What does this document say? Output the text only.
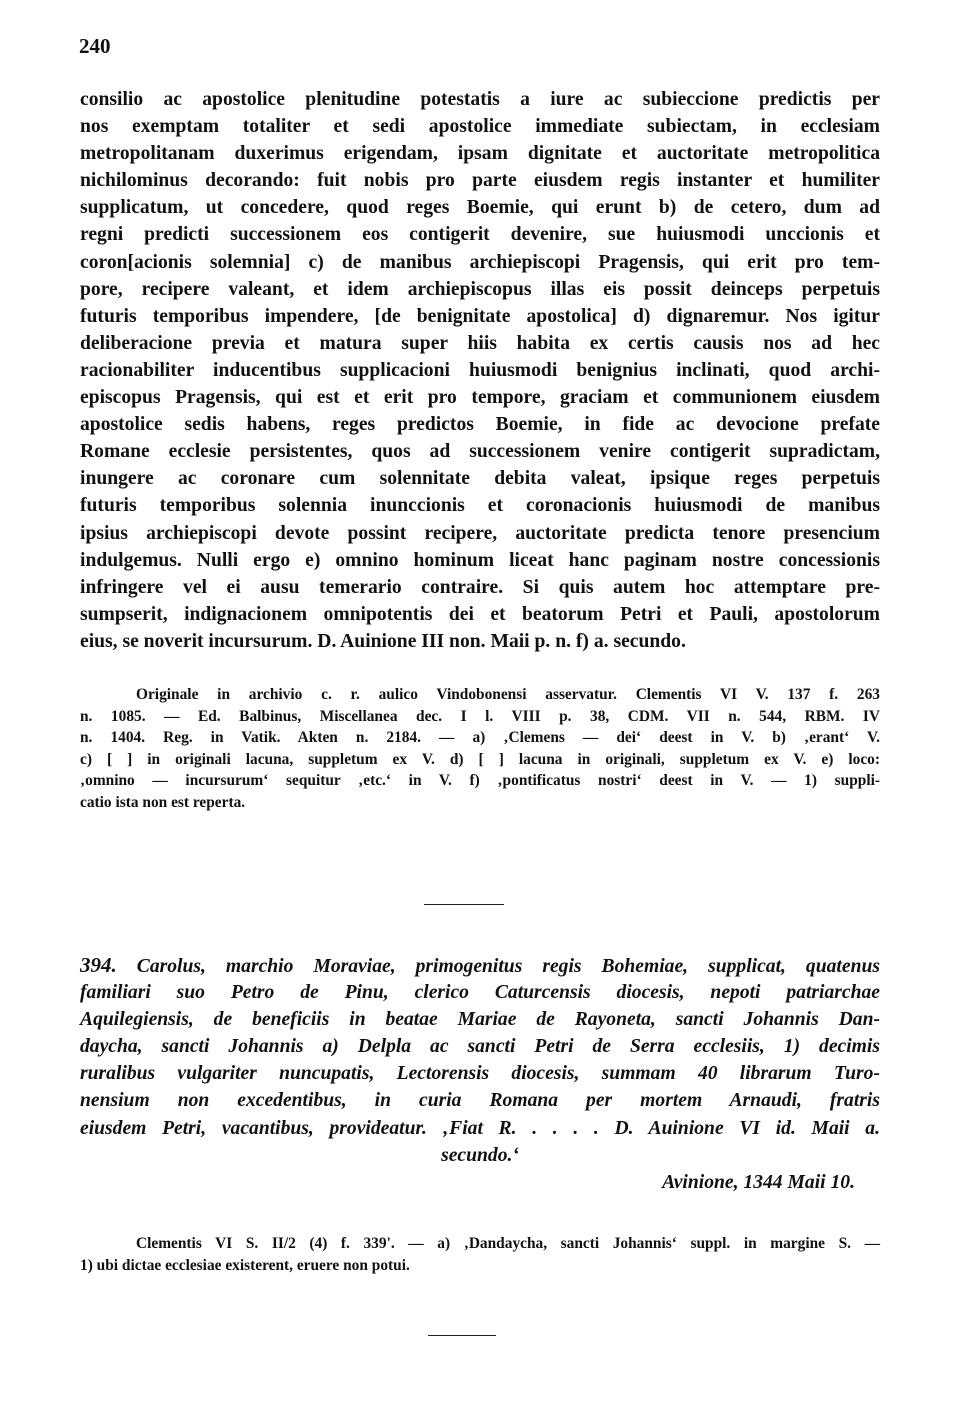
240
consilio ac apostolice plenitudine potestatis a iure ac subieccione predictis per
nos exemptam totaliter et sedi apostolice immediate subiectam, in ecclesiam
metropolitanam duxerimus erigendam, ipsam dignitate et auctoritate metropolitica
nichilominus decorando: fuit nobis pro parte eiusdem regis instanter et humiliter
supplicatum, ut concedere, quod reges Boemie, qui erunt b) de cetero, dum ad
regni predicti successionem eos contigerit devenire, sue huiusmodi unccionis et
coron[acionis solemnia] c) de manibus archiepiscopi Pragensis, qui erit pro tem-
pore, recipere valeant, et idem archiepiscopus illas eis possit deinceps perpetuis
futuris temporibus impendere, [de benignitate apostolica] d) dignaremur. Nos igitur
deliberacione previa et matura super hiis habita ex certis causis nos ad hec
racionabiliter inducentibus supplicacioni huiusmodi benignius inclinati, quod archi-
episcopus Pragensis, qui est et erit pro tempore, graciam et communionem eiusdem
apostolice sedis habens, reges predictos Boemie, in fide ac devocione prefate
Romane ecclesie persistentes, quos ad successionem venire contigerit supradictam,
inungere ac coronare cum solennitate debita valeat, ipsique reges perpetuis
futuris temporibus solennia inunccionis et coronacionis huiusmodi de manibus
ipsius archiepiscopi devote possint recipere, auctoritate predicta tenore presencium
indulgemus. Nulli ergo e) omnino hominum liceat hanc paginam nostre concessionis
infringere vel ei ausu temerario contraire. Si quis autem hoc attemptare pre-
sumpserit, indignacionem omnipotentis dei et beatorum Petri et Pauli, apostolorum
eius, se noverit incursurum. D. Auinione III non. Maii p. n. f) a. secundo.
Originale in archivio c. r. aulico Vindobonensi asservatur. Clementis VI V. 137 f. 263
n. 1085. — Ed. Balbinus, Miscellanea dec. I l. VIII p. 38, CDM. VII n. 544, RBM. IV
n. 1404. Reg. in Vatik. Akten n. 2184. — a) ‚Clemens — dei‘ deest in V. b) ‚erant‘ V.
c) [ ] in originali lacuna, suppletum ex V. d) [ ] lacuna in originali, suppletum ex V. e) loco:
‚omnino — incursurum‘ sequitur ‚etc.‘ in V. f) ‚pontificatus nostri‘ deest in V. — 1) suppli-
catio ista non est reperta.
394. Carolus, marchio Moraviae, primogenitus regis Bohemiae, supplicat, quatenus
familiari suo Petro de Pinu, clerico Caturcensis diocesis, nepoti patriarchae
Aquilegiensis, de beneficiis in beatae Mariae de Rayoneta, sancti Johannis Dan-
daycha, sancti Johannis a) Delpla ac sancti Petri de Serra ecclesiis, 1) decimis
ruralibus vulgariter nuncupatis, Lectorensis diocesis, summam 40 librarum Turo-
nensium non excedentibus, in curia Romana per mortem Arnaudi, fratris
eiusdem Petri, vacantibus, provideatur. ‚Fiat R. . . . . D. Auinione VI id. Maii a.
secundo.‘
Avinione, 1344 Maii 10.
Clementis VI S. II/2 (4) f. 339'. — a) ‚Dandaycha, sancti Johannis‘ suppl. in margine S. —
1) ubi dictae ecclesiae existerent, eruere non potui.
